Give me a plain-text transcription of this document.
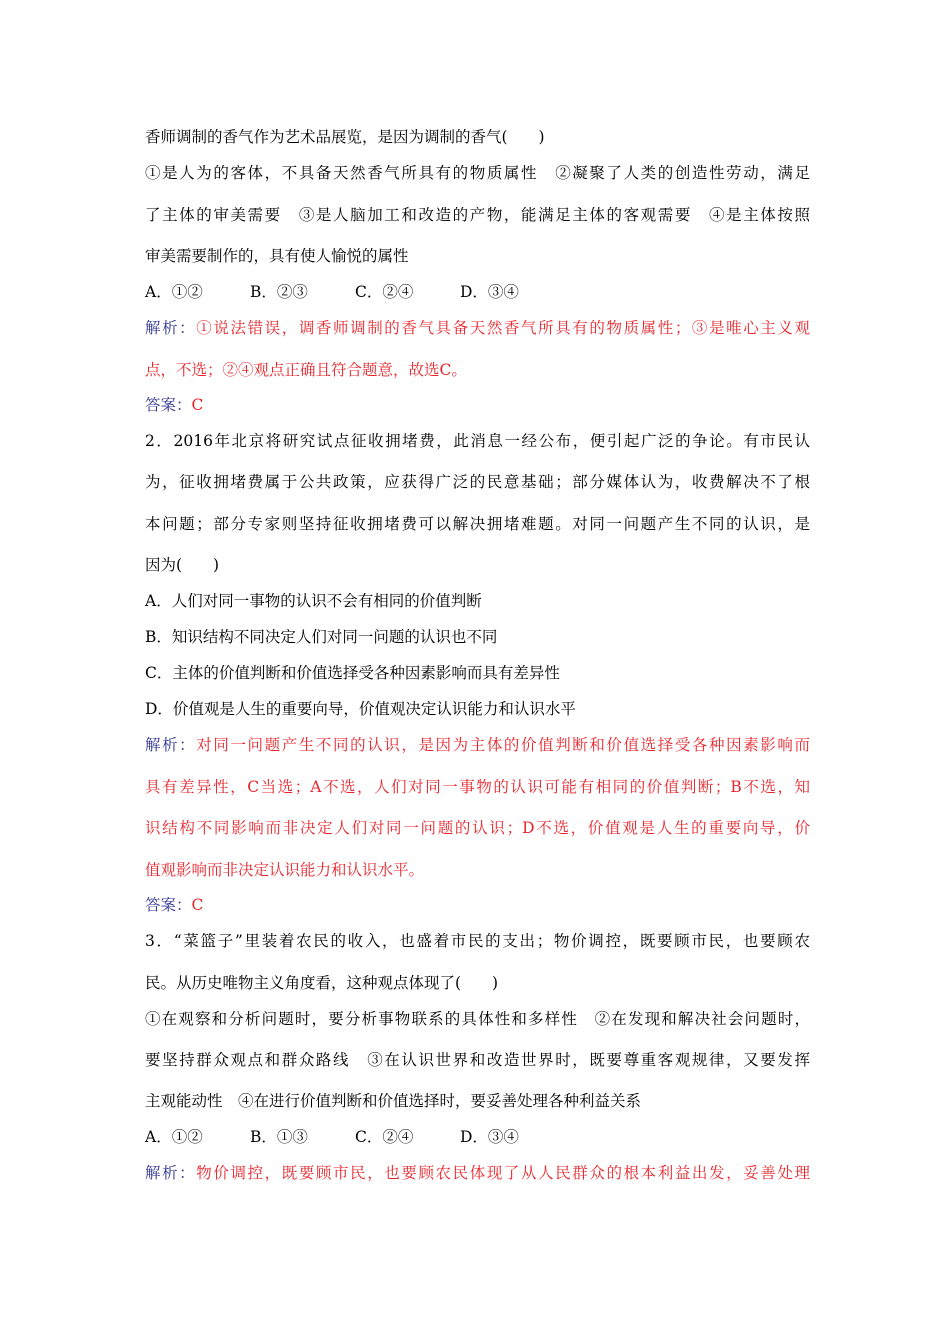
香师调制的香气作为艺术品展览，是因为调制的香气(　　)
①是人为的客体，不具备天然香气所具有的物质属性　②凝聚了人类的创造性劳动，满足
了主体的审美需要　③是人脑加工和改造的产物，能满足主体的客观需要　④是主体按照
审美需要制作的，具有使人愉悦的属性
A．①②	B．②③	C．②④	D．③④
解析：①说法错误，调香师调制的香气具备天然香气所具有的物质属性；③是唯心主义观
点，不选；②④观点正确且符合题意，故选C。
答案：C
2．2016年北京将研究试点征收拥堵费，此消息一经公布，便引起广泛的争论。有市民认
为，征收拥堵费属于公共政策，应获得广泛的民意基础；部分媒体认为，收费解决不了根
本问题；部分专家则坚持征收拥堵费可以解决拥堵难题。对同一问题产生不同的认识，是
因为(　　)
A．人们对同一事物的认识不会有相同的价值判断
B．知识结构不同决定人们对同一问题的认识也不同
C．主体的价值判断和价值选择受各种因素影响而具有差异性
D．价值观是人生的重要向导，价值观决定认识能力和认识水平
解析：对同一问题产生不同的认识，是因为主体的价值判断和价值选择受各种因素影响而
具有差异性，C当选；A不选，人们对同一事物的认识可能有相同的价值判断；B不选，知
识结构不同影响而非决定人们对同一问题的认识；D不选，价值观是人生的重要向导，价
值观影响而非决定认识能力和认识水平。
答案：C
3．“菜篮子”里装着农民的收入，也盛着市民的支出；物价调控，既要顾市民，也要顾农
民。从历史唯物主义角度看，这种观点体现了(　　)
①在观察和分析问题时，要分析事物联系的具体性和多样性　②在发现和解决社会问题时，
要坚持群众观点和群众路线　③在认识世界和改造世界时，既要尊重客观规律，又要发挥
主观能动性　④在进行价值判断和价值选择时，要妥善处理各种利益关系
A．①②	B．①③	C．②④	D．③④
解析：物价调控，既要顾市民，也要顾农民体现了从人民群众的根本利益出发，妥善处理
